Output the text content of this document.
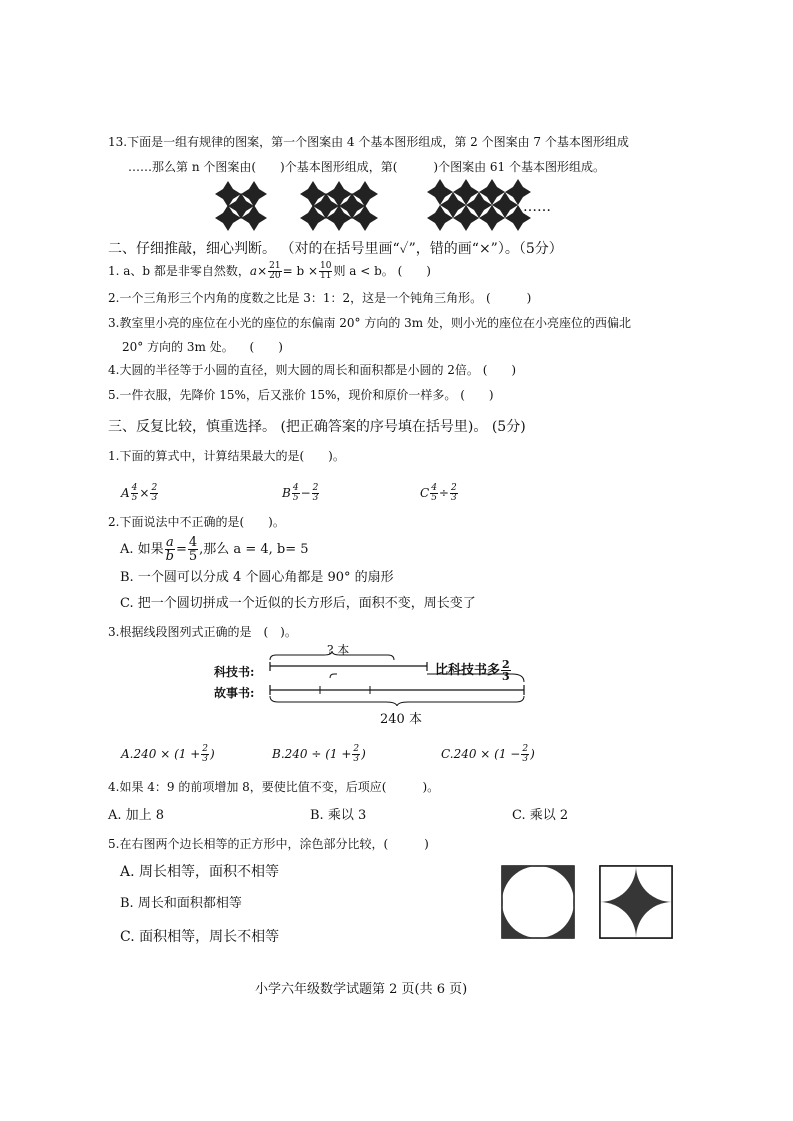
13.下面是一组有规律的图案，第一个图案由 4 个基本图形组成，第 2 个图案由 7 个基本图形组成
……那么第 n 个图案由(　　)个基本图形组成，第(　　　)个图案由 61 个基本图形组成。
……
二、仔细推敲，细心判断。 （对的在括号里画“✓”，错的画“×”）。（5分）
1. a、b 都是非零自然数，$a\times \frac{21}{20} = b \times \frac{10}{11}$ 则 a < b。 (　　)
2.一个三角形三个内角的度数之比是 3：1：2，这是一个钝角三角形。 (　　　)
3.教室里小亮的座位在小光的座位的东偏南 20° 方向的 3m 处，则小光的座位在小亮座位的西偏北
20° 方向的 3m 处。 　(　　)
4.大圆的半径等于小圆的直径，则大圆的周长和面积都是小圆的 2倍。 (　　)
5.一件衣服，先降价 15%，后又涨价 15%，现价和原价一样多。 (　　)
三、反复比较，慎重选择。 (把正确答案的序号填在括号里)。 (5分)
1.下面的算式中，计算结果最大的是(　　)。
A $\frac{4}{5} \times \frac{2}{3}$	B $\frac{4}{5} - \frac{2}{3}$	C $\frac{4}{5} \div \frac{2}{3}$
2.下面说法中不正确的是(　　)。
A. 如果 $\frac{a}{b} = \frac{4}{5}$ ,那么 a = 4, b= 5
B. 一个圆可以分成 4 个圆心角都是 90° 的扇形
C. 把一个圆切拼成一个近似的长方形后，面积不变，周长变了
3.根据线段图列式正确的是　(　)。
? 本
科技书:
故事书:
比科技书多 $\frac{2}{3}$
240 本
$A.240 \times (1 + \frac{2}{3}$ )	$B.240 \div (1 + \frac{2}{3}$ )	$C.240 \times (1 - \frac{2}{3}$ )
4.如果 4：9 的前项增加 8，要使比值不变，后项应(　　　)。
A. 加上 8	B. 乘以 3	C. 乘以 2
5.在右图两个边长相等的正方形中，涂色部分比较，(　　　)
A. 周长相等，面积不相等
B. 周长和面积都相等
C. 面积相等，周长不相等
小学六年级数学试题第 2 页(共 6 页)
